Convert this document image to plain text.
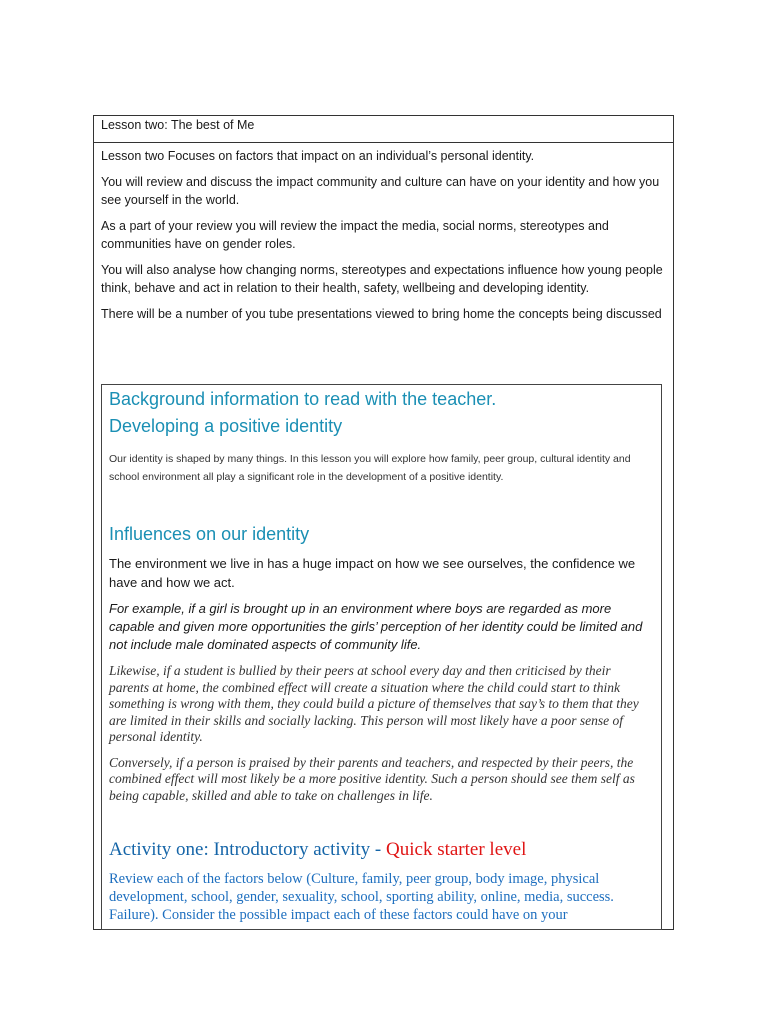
Lesson two: The best of Me

Lesson two Focuses on factors that impact on an individual’s personal identity.

You will review and discuss the impact community and culture can have on your identity and how you see yourself in the world.

As a part of your review you will review the impact the media, social norms, stereotypes and communities have on gender roles.

You will also analyse how changing norms, stereotypes and expectations influence how young people think, behave and act in relation to their health, safety, wellbeing and developing identity.

There will be a number of you tube presentations viewed to bring home the concepts being discussed

Background information to read with the teacher.
Developing a positive identity

Our identity is shaped by many things. In this lesson you will explore how family, peer group, cultural identity and school environment all play a significant role in the development of a positive identity.

Influences on our identity

The environment we live in has a huge impact on how we see ourselves, the confidence we have and how we act.

For example, if a girl is brought up in an environment where boys are regarded as more capable and given more opportunities the girls’ perception of her identity could be limited and not include male dominated aspects of community life.

Likewise, if a student is bullied by their peers at school every day and then criticised by their parents at home, the combined effect will create a situation where the child could start to think something is wrong with them, they could build a picture of themselves that say’s to them that they are limited in their skills and socially lacking. This person will most likely have a poor sense of personal identity.

Conversely, if a person is praised by their parents and teachers, and respected by their peers, the combined effect will most likely be a more positive identity. Such a person should see them self as being capable, skilled and able to take on challenges in life.

Activity one: Introductory activity - Quick starter level

Review each of the factors below (Culture, family, peer group, body image, physical development, school, gender, sexuality, school, sporting ability, online, media, success. Failure). Consider the possible impact each of these factors could have on your
